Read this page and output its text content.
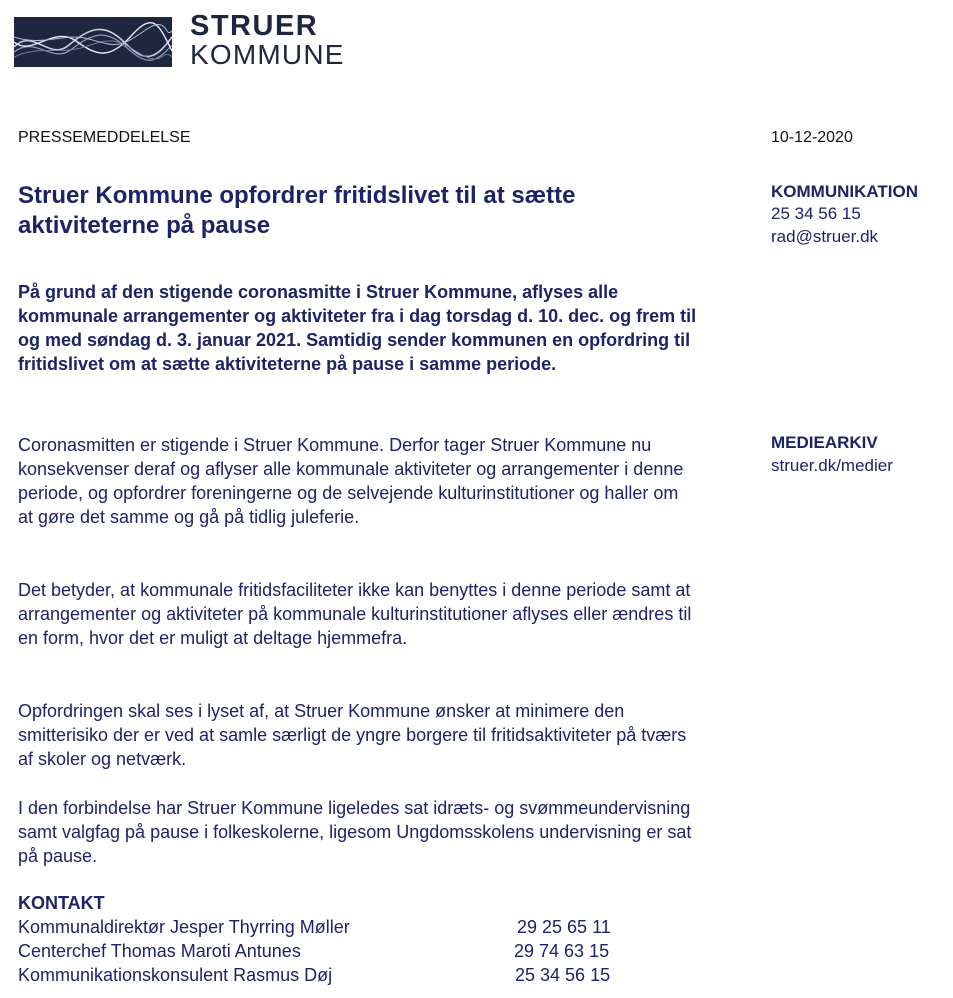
STRUER
KOMMUNE
PRESSEMEDDELELSE	10-12-2020
Struer Kommune opfordrer fritidslivet til at sætte aktiviteterne på pause
KOMMUNIKATION
25 34 56 15
rad@struer.dk
På grund af den stigende coronasmitte i Struer Kommune, aflyses alle kommunale arrangementer og aktiviteter fra i dag torsdag d. 10. dec. og frem til og med søndag d. 3. januar 2021. Samtidig sender kommunen en opfordring til fritidslivet om at sætte aktiviteterne på pause i samme periode.
MEDIEARKIV
struer.dk/medier
Coronasmitten er stigende i Struer Kommune. Derfor tager Struer Kommune nu konsekvenser deraf og aflyser alle kommunale aktiviteter og arrangementer i denne periode, og opfordrer foreningerne og de selvejende kulturinstitutioner og haller om at gøre det samme og gå på tidlig juleferie.
Det betyder, at kommunale fritidsfaciliteter ikke kan benyttes i denne periode samt at arrangementer og aktiviteter på kommunale kulturinstitutioner aflyses eller ændres til en form, hvor det er muligt at deltage hjemmefra.
Opfordringen skal ses i lyset af, at Struer Kommune ønsker at minimere den smitterisiko der er ved at samle særligt de yngre borgere til fritidsaktiviteter på tværs af skoler og netværk.
I den forbindelse har Struer Kommune ligeledes sat idræts- og svømmeundervisning samt valgfag på pause i folkeskolerne, ligesom Ungdomsskolens undervisning er sat på pause.
KONTAKT
Kommunaldirektør Jesper Thyrring Møller	29 25 65 11
Centerchef Thomas Maroti Antunes	29 74 63 15
Kommunikationskonsulent Rasmus Døj	25 34 56 15
